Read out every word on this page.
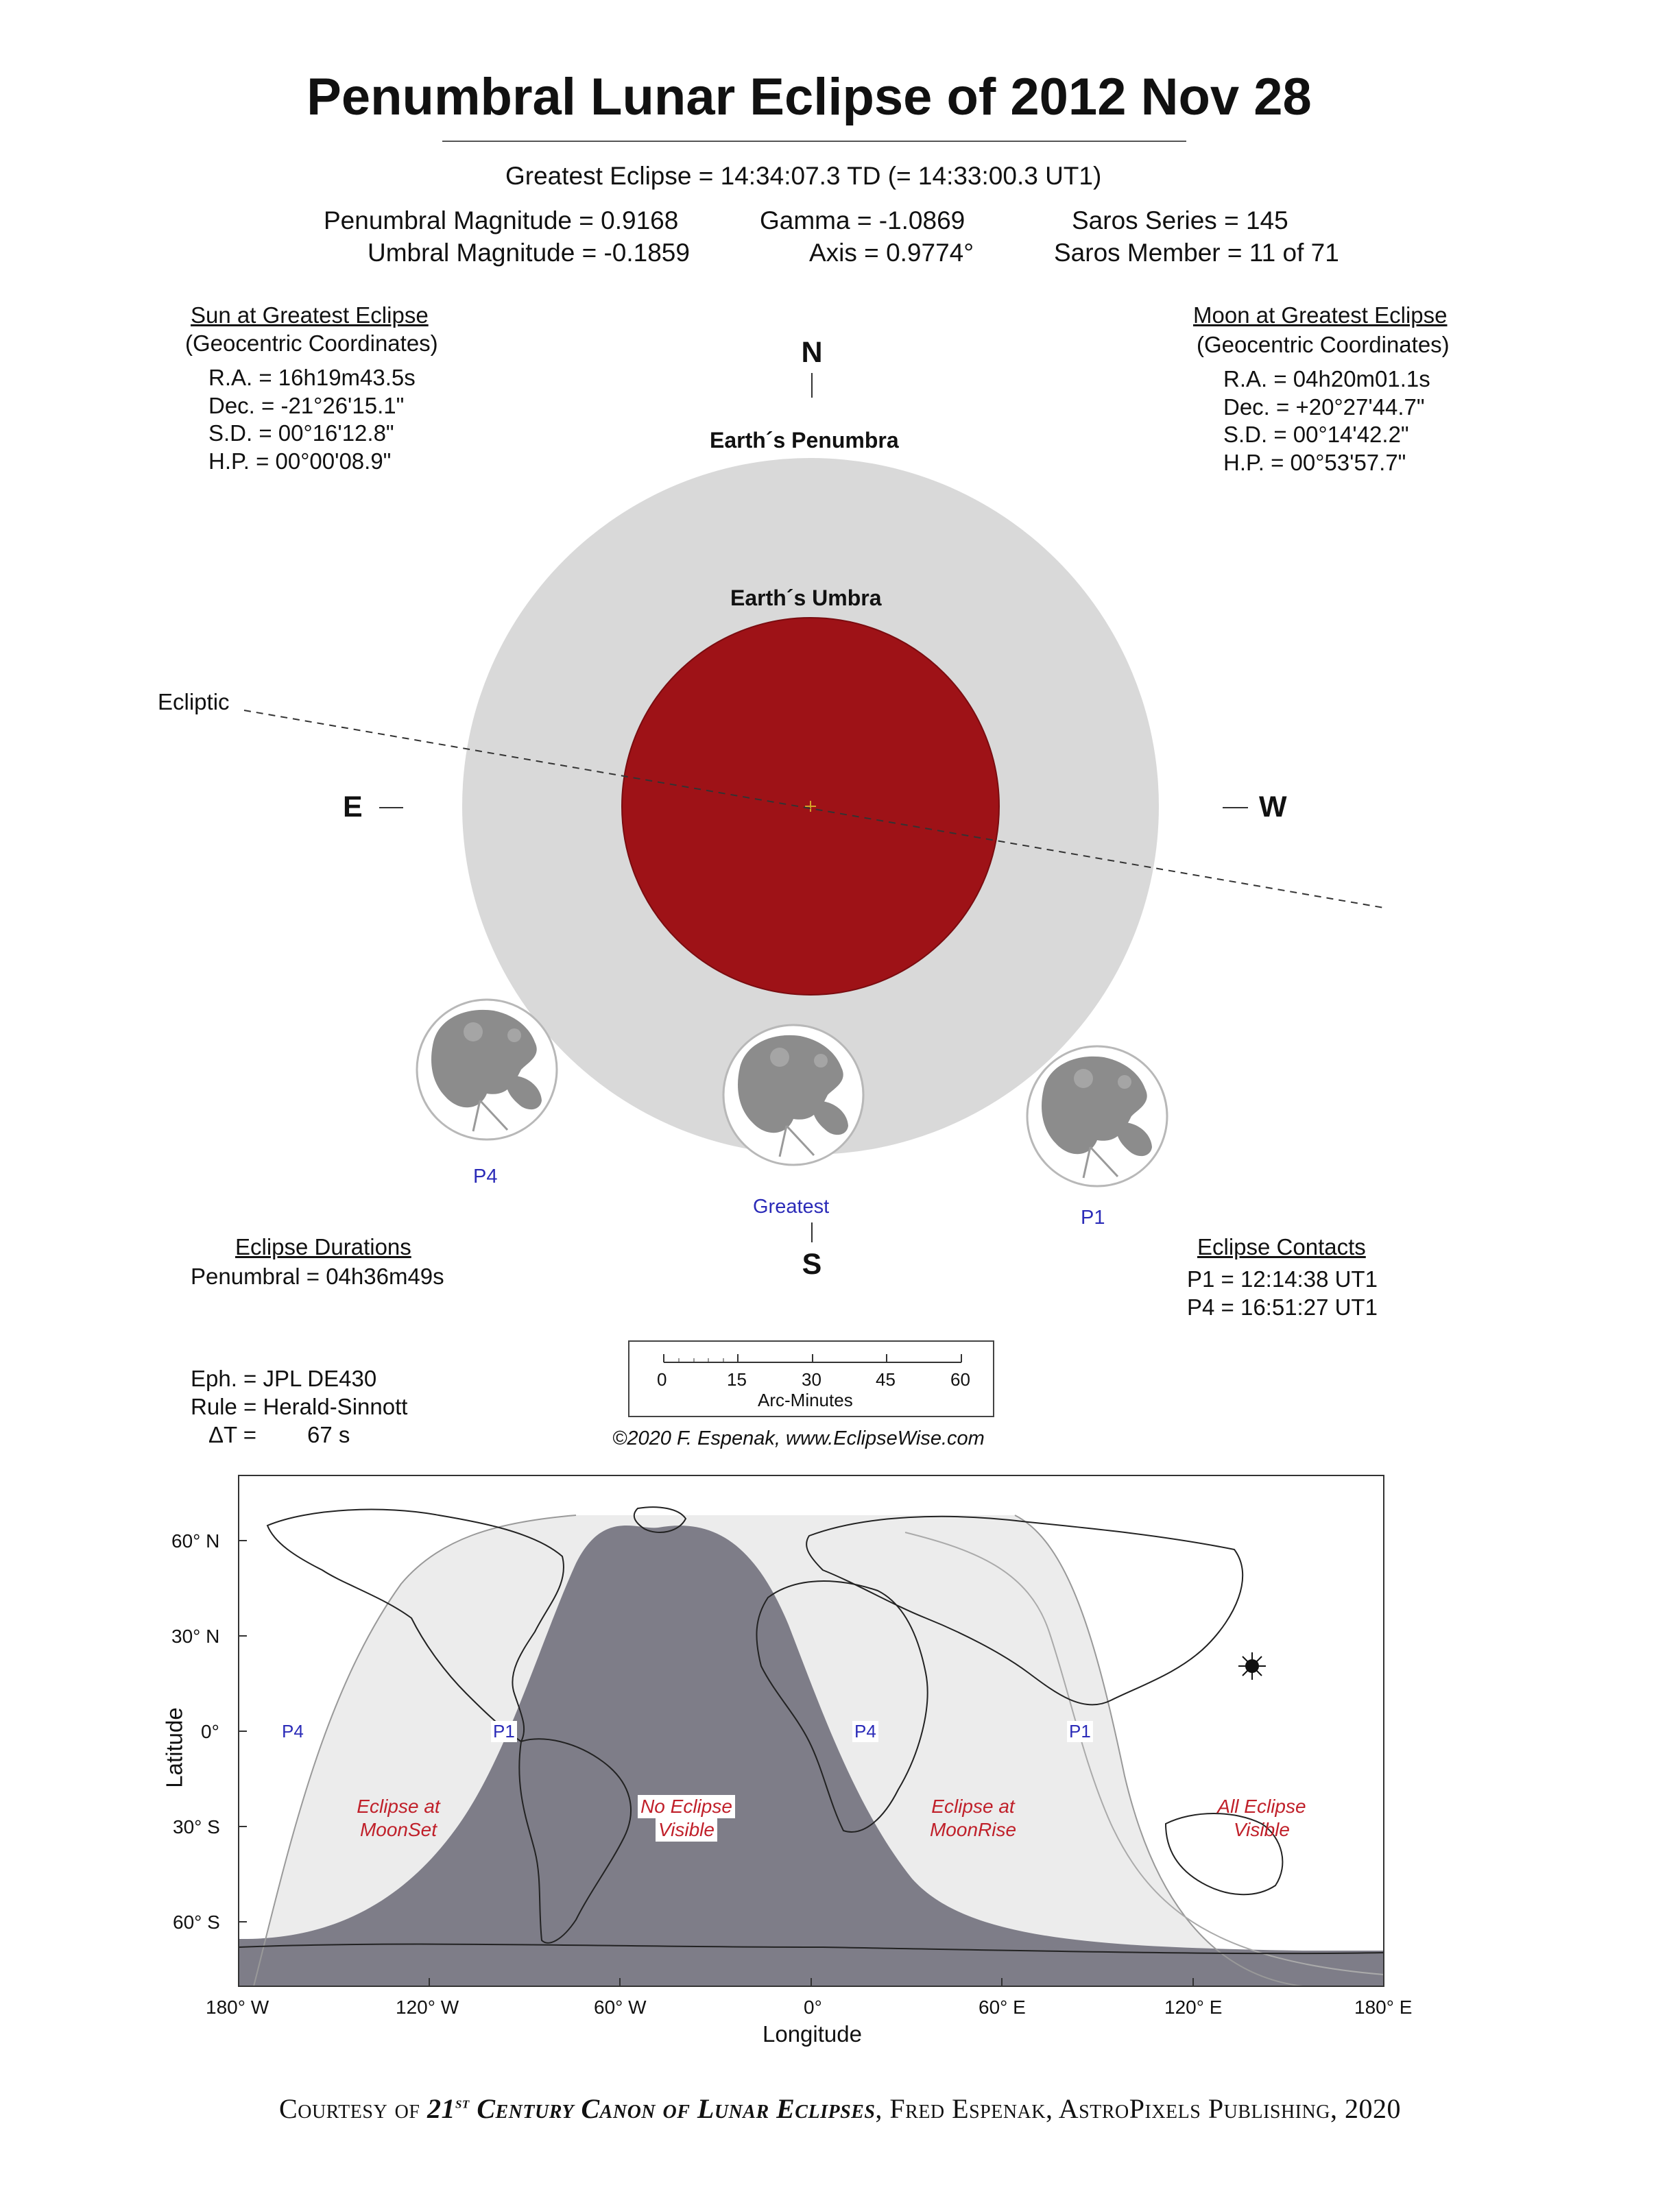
Penumbral Lunar Eclipse of 2012 Nov 28
Greatest Eclipse = 14:34:07.3 TD (= 14:33:00.3 UT1)
Penumbral Magnitude = 0.9168
Umbral Magnitude = -0.1859
Gamma = -1.0869
Axis = 0.9774°
Saros Series = 145
Saros Member = 11 of 71
Sun at Greatest Eclipse
(Geocentric Coordinates)
R.A. = 16h19m43.5s
Dec. = -21°26'15.1"
S.D. = 00°16'12.8"
H.P. = 00°00'08.9"
Moon at Greatest Eclipse
(Geocentric Coordinates)
R.A. = 04h20m01.1s
Dec. = +20°27'44.7"
S.D. = 00°14'42.2"
H.P. = 00°53'57.7"
N
S
E	W
Earth´s Penumbra
Earth´s Umbra
Ecliptic
P4
Greatest	P1
Eclipse Durations
Penumbral = 04h36m49s
Eclipse Contacts
P1 = 12:14:38 UT1
P4 = 16:51:27 UT1
Eph. = JPL DE430
Rule = Herald-Sinnott
ΔT = 67 s
0	15	30	45	60
Arc-Minutes
©2020 F. Espenak, www.EclipseWise.com
60° N
30° N
0°
30° S
60° S
180° W	120° W	60° W	0°	60° E	120° E	180° E
Longitude
Latitude	P4	P1	P4	P1
Eclipse at
MoonSet
No Eclipse
Visible
Eclipse at
MoonRise
All Eclipse
Visible
Courtesy of 21st Century Canon of Lunar Eclipses, Fred Espenak, AstroPixels Publishing, 2020
